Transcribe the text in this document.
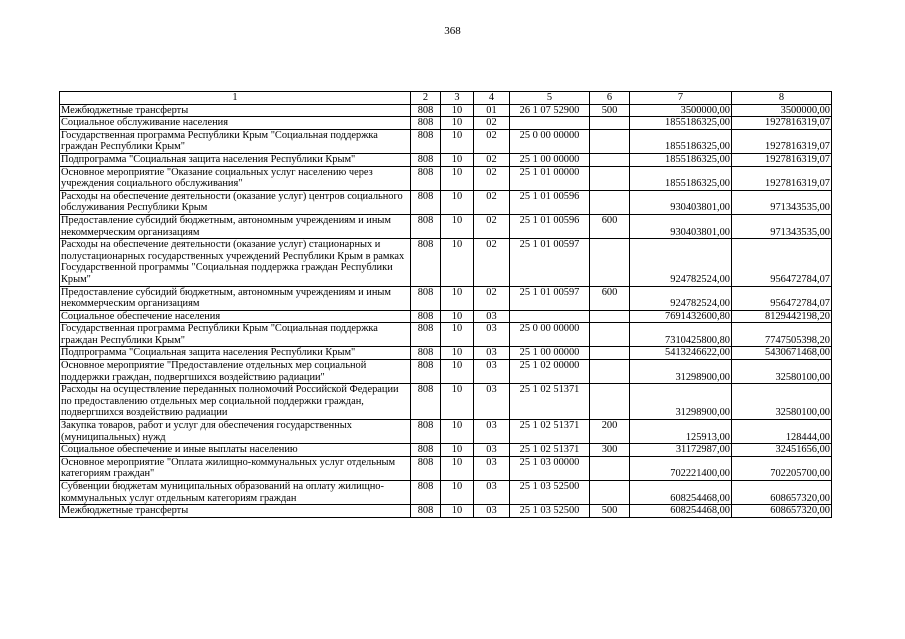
368
1	2	3	4	5	6	7	8
Межбюджетные трансферты	808	10	01	26 1 07 52900	500	3500000,00	3500000,00
Социальное обслуживание населения	808	10	02			1855186325,00	1927816319,07
Государственная программа Республики Крым "Социальная поддержка граждан Республики Крым"	808	10	02	25 0 00 00000		1855186325,00	1927816319,07
Подпрограмма "Социальная защита населения Республики Крым"	808	10	02	25 1 00 00000		1855186325,00	1927816319,07
Основное мероприятие "Оказание социальных услуг населению через учреждения социального обслуживания"	808	10	02	25 1 01 00000		1855186325,00	1927816319,07
Расходы на обеспечение деятельности (оказание услуг) центров социального обслуживания Республики Крым	808	10	02	25 1 01 00596		930403801,00	971343535,00
Предоставление субсидий бюджетным, автономным учреждениям и иным некоммерческим организациям	808	10	02	25 1 01 00596	600	930403801,00	971343535,00
Расходы на обеспечение деятельности (оказание услуг) стационарных и полустационарных государственных учреждений Республики Крым в рамках Государственной программы "Социальная поддержка граждан Республики Крым"	808	10	02	25 1 01 00597		924782524,00	956472784,07
Предоставление субсидий бюджетным, автономным учреждениям и иным некоммерческим организациям	808	10	02	25 1 01 00597	600	924782524,00	956472784,07
Социальное обеспечение населения	808	10	03			7691432600,80	8129442198,20
Государственная программа Республики Крым "Социальная поддержка граждан Республики Крым"	808	10	03	25 0 00 00000		7310425800,80	7747505398,20
Подпрограмма "Социальная защита населения Республики Крым"	808	10	03	25 1 00 00000		5413246622,00	5430671468,00
Основное мероприятие "Предоставление отдельных мер социальной поддержки граждан, подвергшихся воздействию радиации"	808	10	03	25 1 02 00000		31298900,00	32580100,00
Расходы на осуществление переданных полномочий Российской Федерации по предоставлению отдельных мер социальной поддержки граждан, подвергшихся воздействию радиации	808	10	03	25 1 02 51371		31298900,00	32580100,00
Закупка товаров, работ и услуг для обеспечения государственных (муниципальных) нужд	808	10	03	25 1 02 51371	200	125913,00	128444,00
Социальное обеспечение и иные выплаты населению	808	10	03	25 1 02 51371	300	31172987,00	32451656,00
Основное мероприятие "Оплата жилищно-коммунальных услуг отдельным категориям граждан"	808	10	03	25 1 03 00000		702221400,00	702205700,00
Субвенции бюджетам муниципальных образований на оплату жилищно-коммунальных услуг отдельным категориям граждан	808	10	03	25 1 03 52500		608254468,00	608657320,00
Межбюджетные трансферты	808	10	03	25 1 03 52500	500	608254468,00	608657320,00
